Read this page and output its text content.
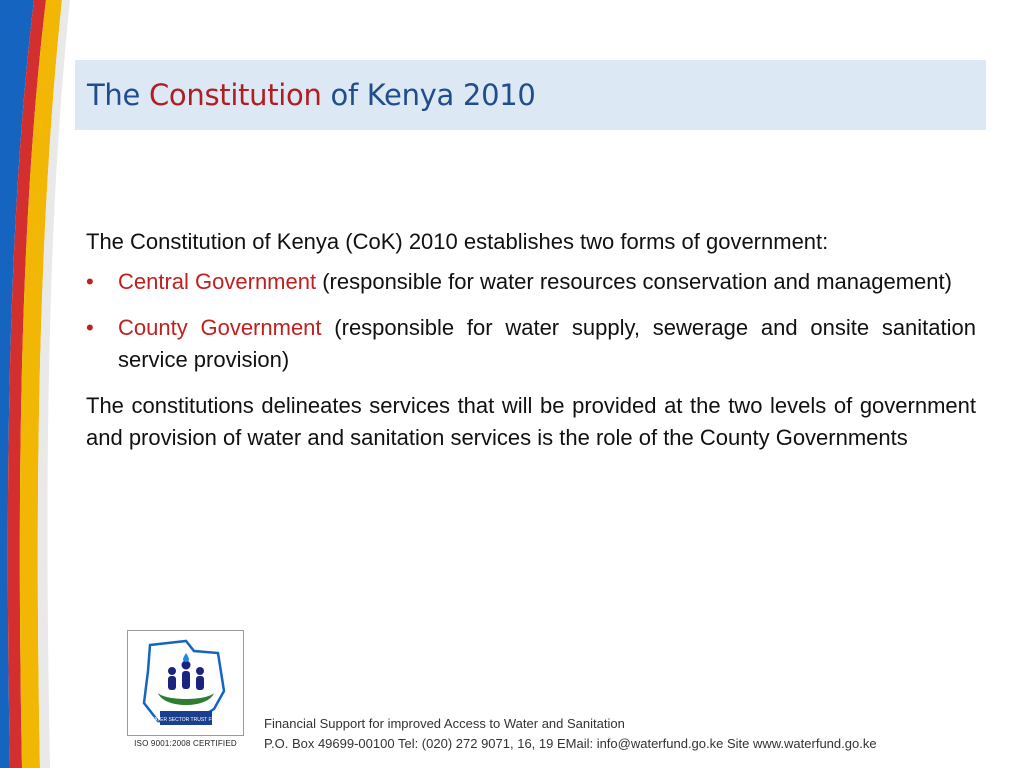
The Constitution of Kenya 2010

The Constitution of Kenya (CoK) 2010 establishes two forms of government:

• Central Government (responsible for water resources conservation and management)
• County Government (responsible for water supply, sewerage and onsite sanitation service provision)

The constitutions delineates services that will be provided at the two levels of government and provision of water and sanitation services is the role of the County Governments

WATER SECTOR TRUST FUND
ISO 9001:2008 CERTIFIED
Financial Support for improved Access to Water and Sanitation
P.O. Box 49699-00100 Tel: (020) 272 9071, 16, 19 EMail: info@waterfund.go.ke Site www.waterfund.go.ke
